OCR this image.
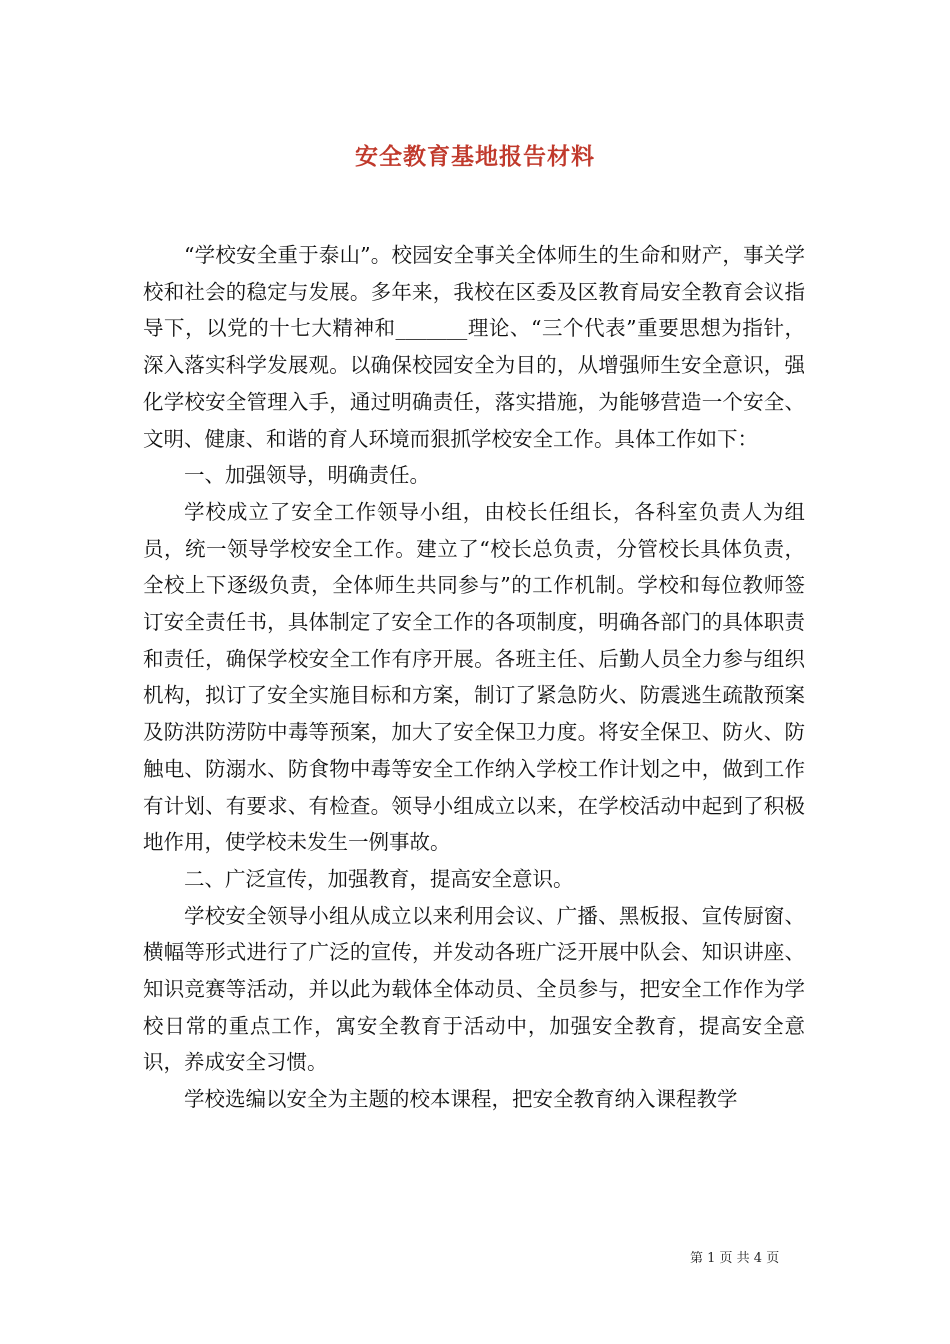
安全教育基地报告材料

“学校安全重于泰山”。校园安全事关全体师生的生命和财产，事关学校和社会的稳定与发展。多年来，我校在区委及区教育局安全教育会议指导下，以党的十七大精神和_______理论、“三个代表”重要思想为指针，深入落实科学发展观。以确保校园安全为目的，从增强师生安全意识，强化学校安全管理入手，通过明确责任，落实措施，为能够营造一个安全、文明、健康、和谐的育人环境而狠抓学校安全工作。具体工作如下：

一、加强领导，明确责任。

学校成立了安全工作领导小组，由校长任组长，各科室负责人为组员，统一领导学校安全工作。建立了“校长总负责，分管校长具体负责，全校上下逐级负责，全体师生共同参与”的工作机制。学校和每位教师签订安全责任书，具体制定了安全工作的各项制度，明确各部门的具体职责和责任，确保学校安全工作有序开展。各班主任、后勤人员全力参与组织机构，拟订了安全实施目标和方案，制订了紧急防火、防震逃生疏散预案及防洪防涝防中毒等预案，加大了安全保卫力度。将安全保卫、防火、防触电、防溺水、防食物中毒等安全工作纳入学校工作计划之中，做到工作有计划、有要求、有检查。领导小组成立以来，在学校活动中起到了积极地作用，使学校未发生一例事故。

二、广泛宣传，加强教育，提高安全意识。

学校安全领导小组从成立以来利用会议、广播、黑板报、宣传厨窗、横幅等形式进行了广泛的宣传，并发动各班广泛开展中队会、知识讲座、知识竞赛等活动，并以此为载体全体动员、全员参与，把安全工作作为学校日常的重点工作，寓安全教育于活动中，加强安全教育，提高安全意识，养成安全习惯。

学校选编以安全为主题的校本课程，把安全教育纳入课程教学

第 1 页 共 4 页
